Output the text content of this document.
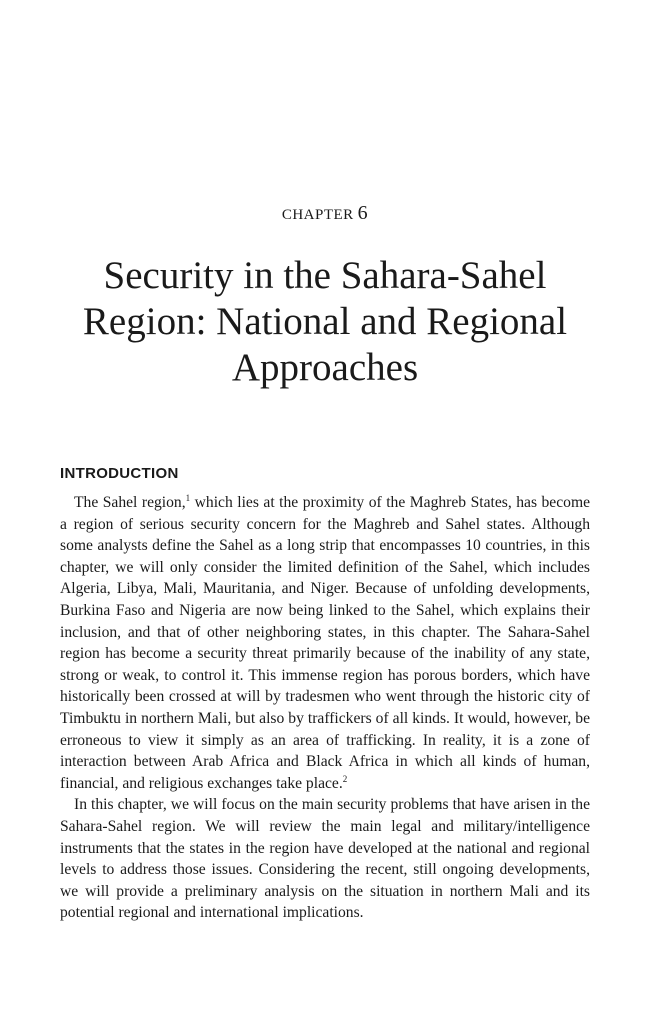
CHAPTER 6
Security in the Sahara-Sahel
Region: National and Regional
Approaches
INTRODUCTION

The Sahel region,$^1$ which lies at the proximity of the Maghreb States, has become a region of serious security concern for the Maghreb and Sahel states. Although some analysts define the Sahel as a long strip that encompasses 10 countries, in this chapter, we will only consider the limited definition of the Sahel, which includes Algeria, Libya, Mali, Mauritania, and Niger. Because of unfolding developments, Burkina Faso and Nigeria are now being linked to the Sahel, which explains their inclusion, and that of other neighboring states, in this chapter. The Sahara-Sahel region has become a security threat primarily because of the inability of any state, strong or weak, to control it. This immense region has porous borders, which have historically been crossed at will by tradesmen who went through the historic city of Timbuktu in northern Mali, but also by traffickers of all kinds. It would, however, be erroneous to view it simply as an area of trafficking. In reality, it is a zone of interaction between Arab Africa and Black Africa in which all kinds of human, financial, and religious exchanges take place.$^2$

In this chapter, we will focus on the main security problems that have arisen in the Sahara-Sahel region. We will review the main legal and military/intelligence instruments that the states in the region have developed at the national and regional levels to address those issues. Considering the recent, still ongoing developments, we will provide a preliminary analysis on the situation in northern Mali and its potential regional and international implications.
